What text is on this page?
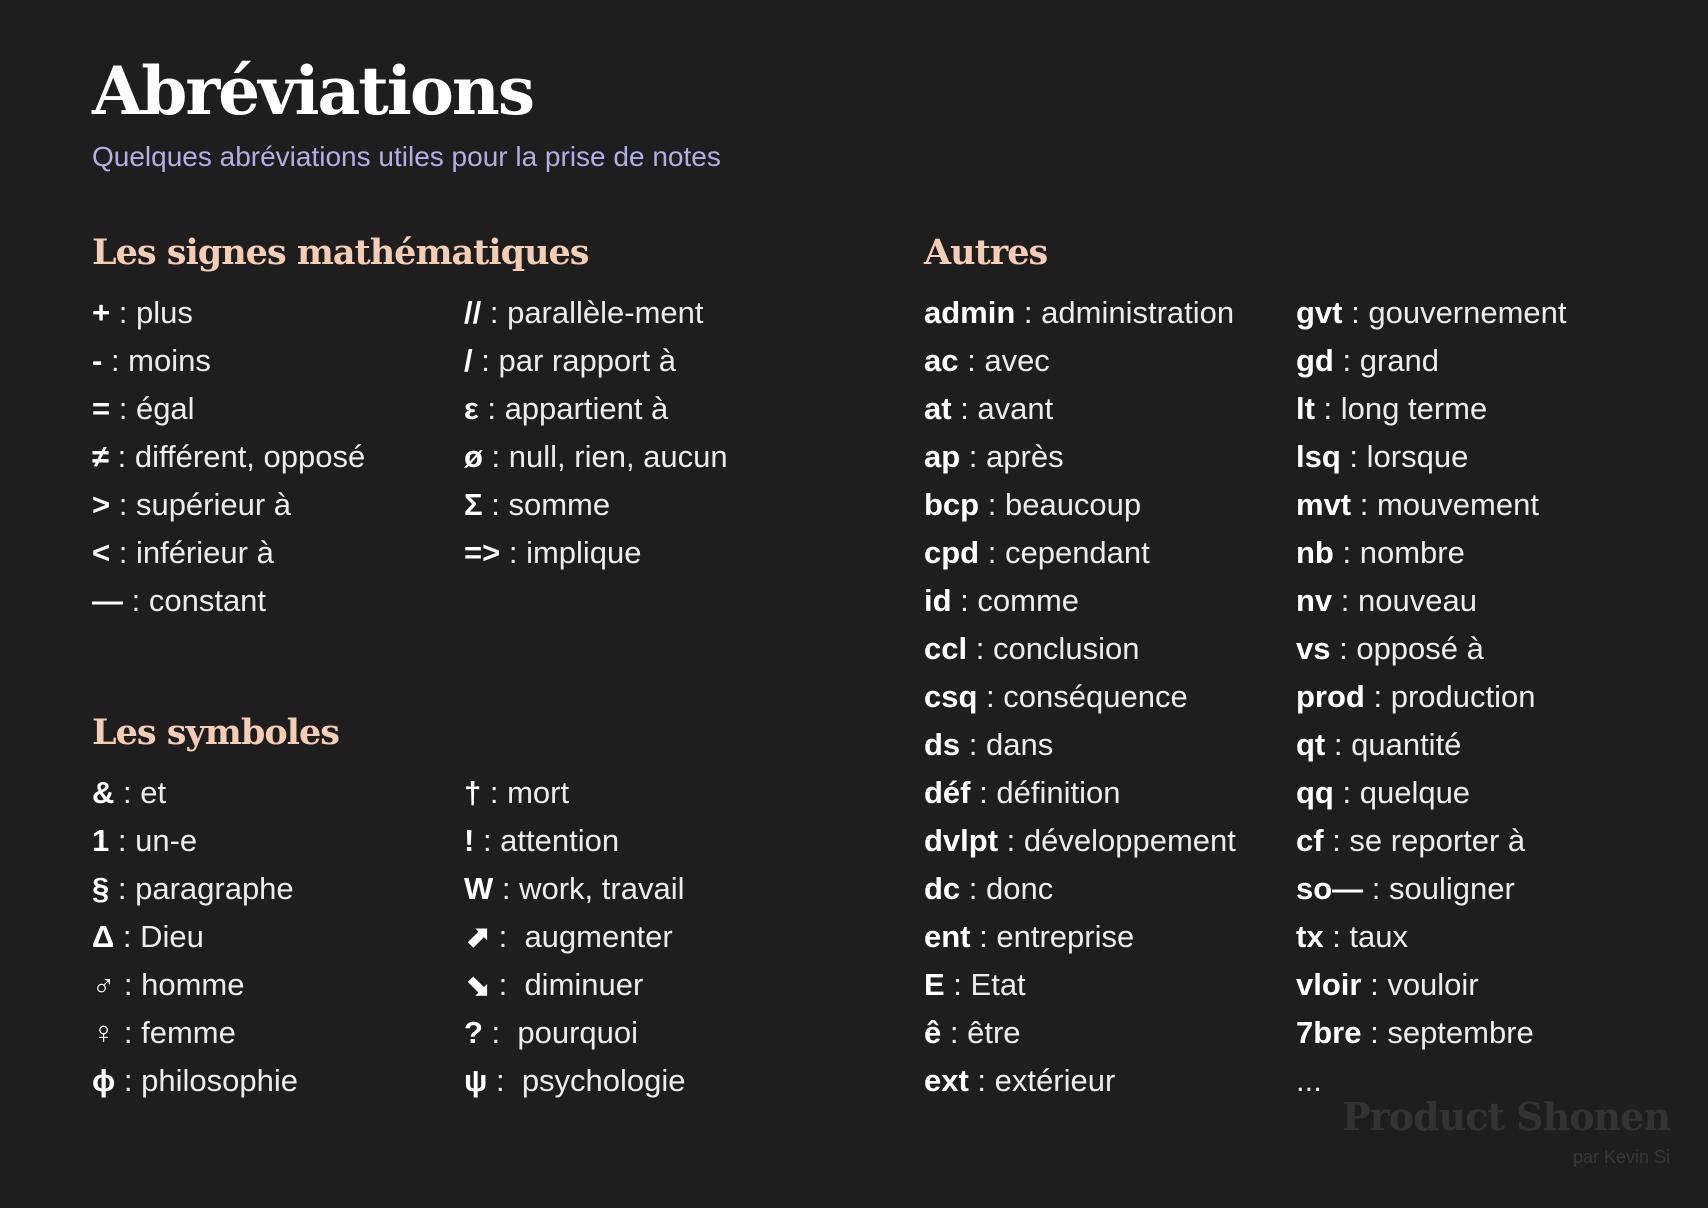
Abréviations

Quelques abréviations utiles pour la prise de notes

Les signes mathématiques
+ : plus
- : moins
= : égal
≠ : différent, opposé
> : supérieur à
< : inférieur à
— : constant
// : parallèle-ment
/ : par rapport à
ε : appartient à
ø : null, rien, aucun
Σ : somme
=> : implique
Les symboles
& : et
1 : un-e
§ : paragraphe
Δ : Dieu
♂ : homme
♀ : femme
ɸ : philosophie
† : mort
! : attention
W : work, travail
⬈ :  augmenter
⬊ :  diminuer
? :  pourquoi
ψ :  psychologie
Autres
admin : administration
ac : avec
at : avant
ap : après
bcp : beaucoup
cpd : cependant
id : comme
ccl : conclusion
csq : conséquence
ds : dans
déf : définition
dvlpt : développement
dc : donc
ent : entreprise
E : Etat
ê : être
ext : extérieur
gvt : gouvernement
gd : grand
lt : long terme
lsq : lorsque
mvt : mouvement
nb : nombre
nv : nouveau
vs : opposé à
prod : production
qt : quantité
qq : quelque
cf : se reporter à
so— : souligner
tx : taux
vloir : vouloir
7bre : septembre
...
Product Shonen
par Kevin Si
